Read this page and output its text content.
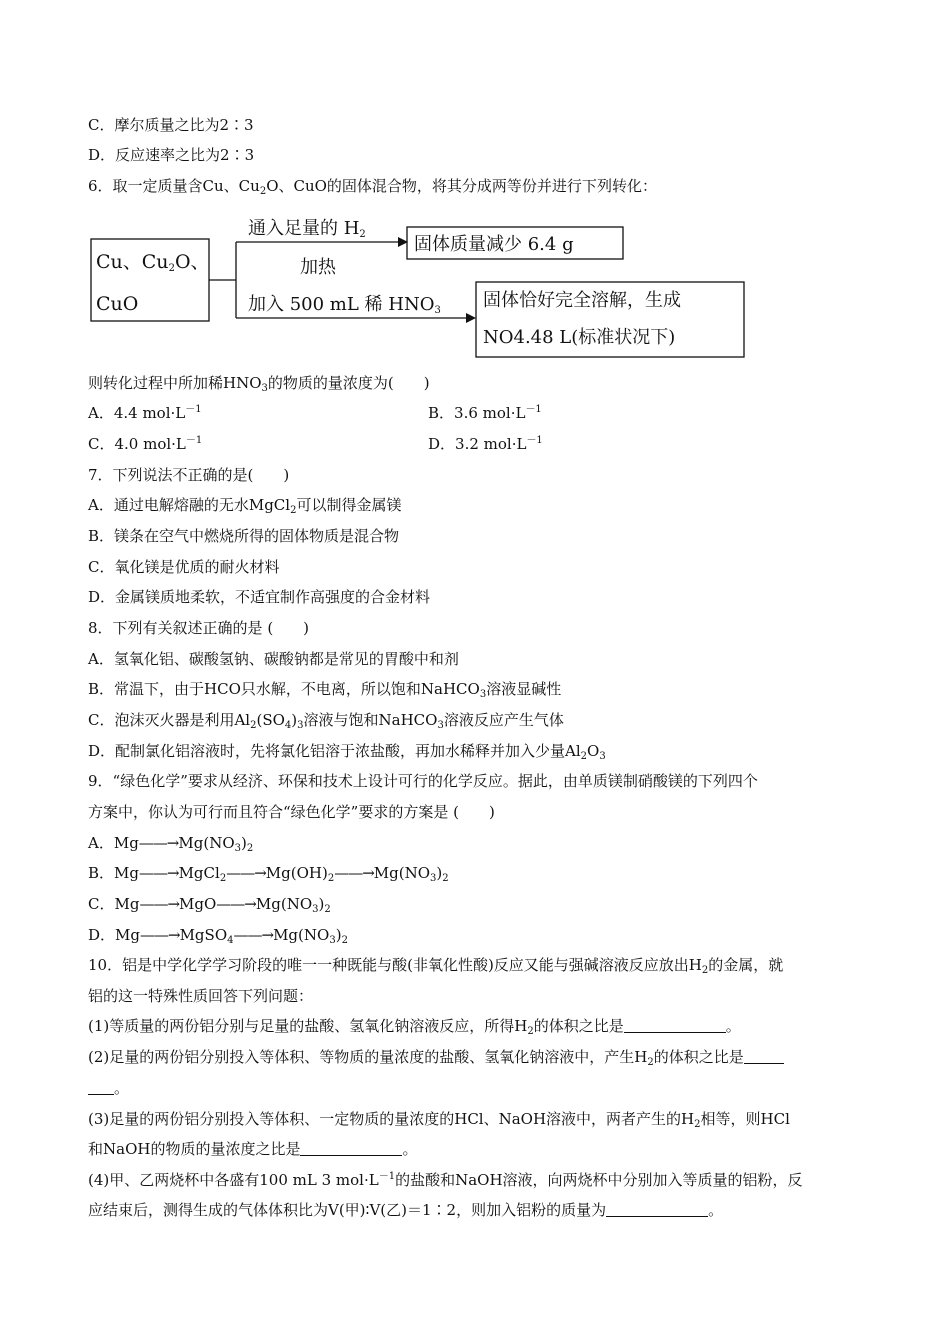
C．摩尔质量之比为2∶3
D．反应速率之比为2∶3
6．取一定质量含Cu、$Cu_2O$、CuO的固体混合物，将其分成两等份并进行下列转化：
Cu、$Cu_2O$、
CuO
通入足量的 $H_2$
加热
加入 500 mL 稀 $HNO_3$
固体质量减少 6.4 g
固体恰好完全溶解，生成
NO4.48 L(标准状况下)
则转化过程中所加稀$HNO_3$的物质的量浓度为(　　)
A．4.4 $mol\cdot L^{-1}$	B．3.6 $mol\cdot L^{-1}$
C．4.0 $mol\cdot L^{-1}$	D．3.2 $mol\cdot L^{-1}$
7．下列说法不正确的是(　　)
A．通过电解熔融的无水MgCl$_2$可以制得金属镁
B．镁条在空气中燃烧所得的固体物质是混合物
C．氧化镁是优质的耐火材料
D．金属镁质地柔软，不适宜制作高强度的合金材料
8．下列有关叙述正确的是 (　　)
A．氢氧化铝、碳酸氢钠、碳酸钠都是常见的胃酸中和剂
B．常温下，由于HCO只水解，不电离，所以饱和NaHCO$_3$溶液显碱性
C．泡沫灭火器是利用$Al_2(SO_4)_3$溶液与饱和NaHCO$_3$溶液反应产生气体
D．配制氯化铝溶液时，先将氯化铝溶于浓盐酸，再加水稀释并加入少量$Al_2O_3$
9．“绿色化学”要求从经济、环保和技术上设计可行的化学反应。据此，由单质镁制硝酸镁的下列四个
方案中，你认为可行而且符合“绿色化学”要求的方案是 (　　)
A．$Mg——\to Mg(NO_3)_2$
B．$Mg——\to MgCl_2——\to Mg(OH)_2——\to Mg(NO_3)_2$
C．$Mg——\to MgO——\to Mg(NO_3)_2$
D．$Mg——\to MgSO_4——\to Mg(NO_3)_2$
10．铝是中学化学学习阶段的唯一一种既能与酸(非氧化性酸)反应又能与强碱溶液反应放出$H_2$的金属，就
铝的这一特殊性质回答下列问题：
(1)等质量的两份铝分别与足量的盐酸、氢氧化钠溶液反应，所得$H_2$的体积之比是	。
(2)足量的两份铝分别投入等体积、等物质的量浓度的盐酸、氢氧化钠溶液中，产生$H_2$的体积之比是
。
(3)足量的两份铝分别投入等体积、一定物质的量浓度的HCl、NaOH溶液中，两者产生的$H_2$相等，则HCl
和NaOH的物质的量浓度之比是	。
(4)甲、乙两烧杯中各盛有100 mL 3 $mol\cdot L^{-1}$的盐酸和NaOH溶液，向两烧杯中分别加入等质量的铝粉，反
应结束后，测得生成的气体体积比为V(甲)∶V(乙)＝1∶2，则加入铝粉的质量为	。
